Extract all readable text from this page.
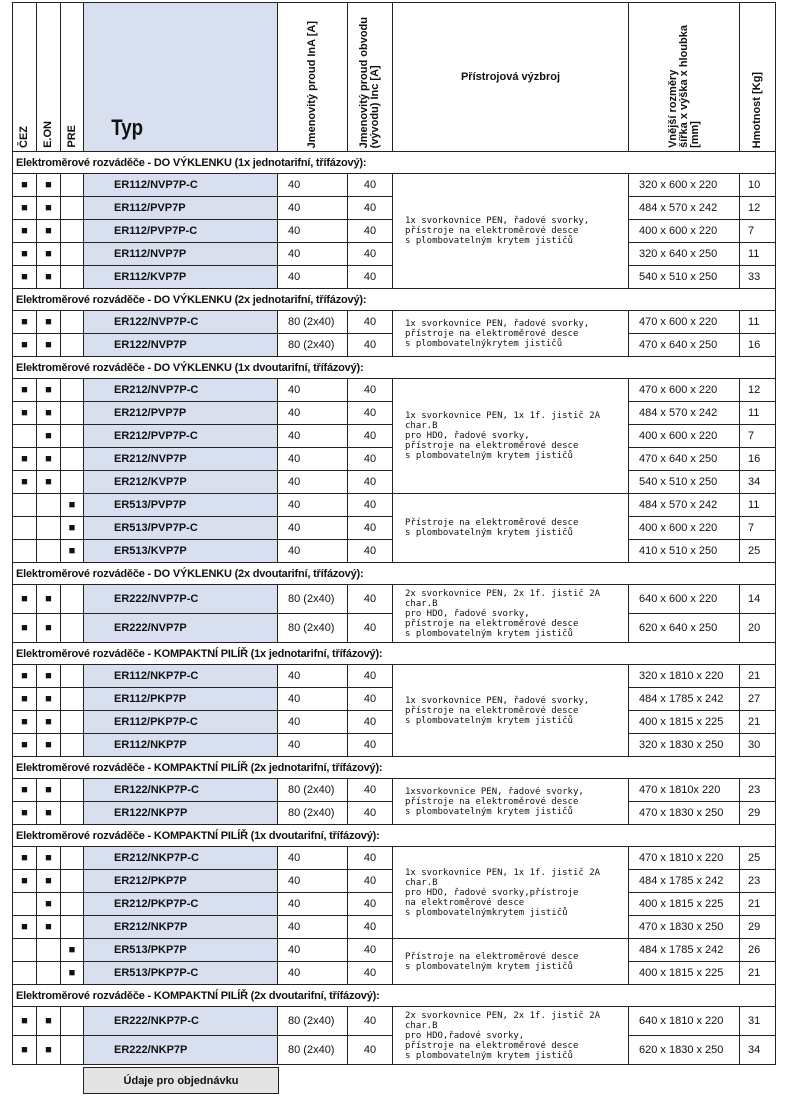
ČEZ	E.ON	PRE	Typ	Jmenovitý proud InA [A]	Jmenovitý proud obvodu
(vývodu) Inc [A]	Přístrojová výzbroj	Vnější rozměry
šířka x výška x hloubka
[mm]	Hmotnost [Kg]

Elektroměrové rozváděče - DO VÝKLENKU (1x jednotarifní, třífázový):								
■	■		ER112/NVP7P-C	40	40	1x svorkovnice PEN, řadové svorky,
přístroje na elektroměrové desce
s plombovatelným krytem jističů	320 x 600 x 220	10
■	■		ER112/PVP7P	40	40		484 x 570 x 242	12
■	■		ER112/PVP7P-C	40	40		400 x 600 x 220	7
■	■		ER112/NVP7P	40	40		320 x 640 x 250	11
■	■		ER112/KVP7P	40	40		540 x 510 x 250	33
Elektroměrové rozváděče - DO VÝKLENKU (2x jednotarifní, třífázový):								
■	■		ER122/NVP7P-C	80 (2x40)	40	1x svorkovnice PEN, řadové svorky,
přístroje na elektroměrové desce
s plombovatelnýkrytem jističů	470 x 600 x 220	11
■	■		ER122/NVP7P	80 (2x40)	40		470 x 640 x 250	16
Elektroměrové rozváděče - DO VÝKLENKU (1x dvoutarifní, třífázový):								
■	■		ER212/NVP7P-C	40	40	1x svorkovnice PEN, 1x 1f. jistič 2A char.B
pro HDO, řadové svorky,
přístroje na elektroměrové desce
s plombovatelným krytem jističů	470 x 600 x 220	12
■	■		ER212/PVP7P	40	40		484 x 570 x 242	11
	■		ER212/PVP7P-C	40	40		400 x 600 x 220	7
■	■		ER212/NVP7P	40	40		470 x 640 x 250	16
■	■		ER212/KVP7P	40	40		540 x 510 x 250	34
		■	ER513/PVP7P	40	40	Přístroje na elektroměrové desce
s plombovatelným krytem jističů	484 x 570 x 242	11
		■	ER513/PVP7P-C	40	40		400 x 600 x 220	7
		■	ER513/KVP7P	40	40		410 x 510 x 250	25
Elektroměrové rozváděče - DO VÝKLENKU (2x dvoutarifní, třífázový):								
■	■		ER222/NVP7P-C	80 (2x40)	40	2x svorkovnice PEN, 2x 1f. jistič 2A char.B
pro HDO, řadové svorky,
přístroje na elektroměrové desce
s plombovatelným krytem jističů	640 x 600 x 220	14
■	■		ER222/NVP7P	80 (2x40)	40		620 x 640 x 250	20
Elektroměrové rozváděče - KOMPAKTNÍ PILÍŘ (1x jednotarifní, třífázový):								
■	■		ER112/NKP7P-C	40	40	1x svorkovnice PEN, řadové svorky,
přístroje na elektroměrové desce
s plombovatelným krytem jističů	320 x 1810 x 220	21
■	■		ER112/PKP7P	40	40		484 x 1785 x 242	27
■	■		ER112/PKP7P-C	40	40		400 x 1815 x 225	21
■	■		ER112/NKP7P	40	40		320 x 1830 x 250	30
Elektroměrové rozváděče - KOMPAKTNÍ PILÍŘ (2x jednotarifní, třífázový):								
■	■		ER122/NKP7P-C	80 (2x40)	40	1xsvorkovnice PEN, řadové svorky,
přístroje na elektroměrové desce
s plombovatelným krytem jističů	470 x 1810x 220	23
■	■		ER122/NKP7P	80 (2x40)	40		470 x 1830 x 250	29
Elektroměrové rozváděče - KOMPAKTNÍ PILÍŘ (1x dvoutarifní, třífázový):								
■	■		ER212/NKP7P-C	40	40	1x svorkovnice PEN, 1x 1f. jistič 2A char.B
pro HDO, řadové svorky,přístroje
na elektroměrové desce
s plombovatelnýmkrytem jističů	470 x 1810 x 220	25
■	■		ER212/PKP7P	40	40		484 x 1785 x 242	23
	■		ER212/PKP7P-C	40	40		400 x 1815 x 225	21
■	■		ER212/NKP7P	40	40		470 x 1830 x 250	29
		■	ER513/PKP7P	40	40	Přístroje na elektroměrové desce
s plombovatelným krytem jističů	484 x 1785 x 242	26
		■	ER513/PKP7P-C	40	40		400 x 1815 x 225	21
Elektroměrové rozváděče - KOMPAKTNÍ PILÍŘ (2x dvoutarifní, třífázový):								
■	■		ER222/NKP7P-C	80 (2x40)	40	2x svorkovnice PEN, 2x 1f. jistič 2A char.B
pro HDO,řadové svorky,
přístroje na elektroměrové desce
s plombovatelným krytem jističů	640 x 1810 x 220	31
■	■		ER222/NKP7P	80 (2x40)	40		620 x 1830 x 250	34
Údaje pro objednávku
